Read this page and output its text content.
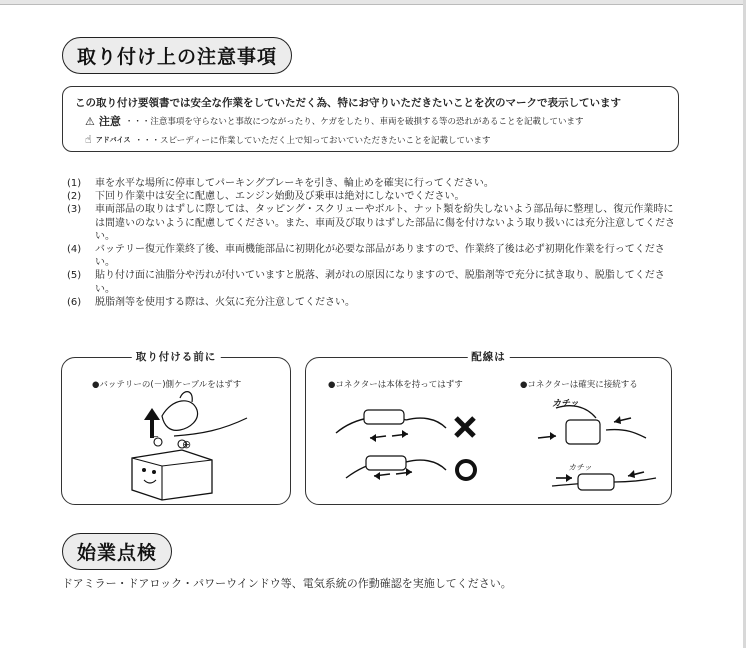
取り付け上の注意事項
この取り付け要領書では安全な作業をしていただく為、特にお守りいただきたいことを次のマークで表示しています
⚠ 注意 ・・・注意事項を守らないと事故につながったり、ケガをしたり、車両を破損する等の恐れがあることを記載しています
☝ アドバイス ・・・スピーディーに作業していただく上で知っておいていただきたいことを記載しています
(1)	車を水平な場所に停車してパーキングブレーキを引き、輪止めを確実に行ってください。
(2)	下回り作業中は安全に配慮し、エンジン始動及び乗車は絶対にしないでください。
(3)	車両部品の取りはずしに際しては、タッピング・スクリューやボルト、ナット類を紛失しないよう部品毎に整理し、復元作業時には間違いのないように配慮してください。また、車両及び取りはずした部品に傷を付けないよう取り扱いには充分注意してください。
(4)	バッテリー復元作業終了後、車両機能部品に初期化が必要な部品がありますので、作業終了後は必ず初期化作業を行ってください。
(5)	貼り付け面に油脂分や汚れが付いていますと脱落、剥がれの原因になりますので、脱脂剤等で充分に拭き取り、脱脂してください。
(6)	脱脂剤等を使用する際は、火気に充分注意してください。
取り付ける前に
●バッテリーの(－)側ケーブルをはずす
－ ⊕
配線は
●コネクターは本体を持ってはずす	●コネクターは確実に接続する
カチッ
カチッ
始業点検
ドアミラー・ドアロック・パワーウインドウ等、電気系統の作動確認を実施してください。
